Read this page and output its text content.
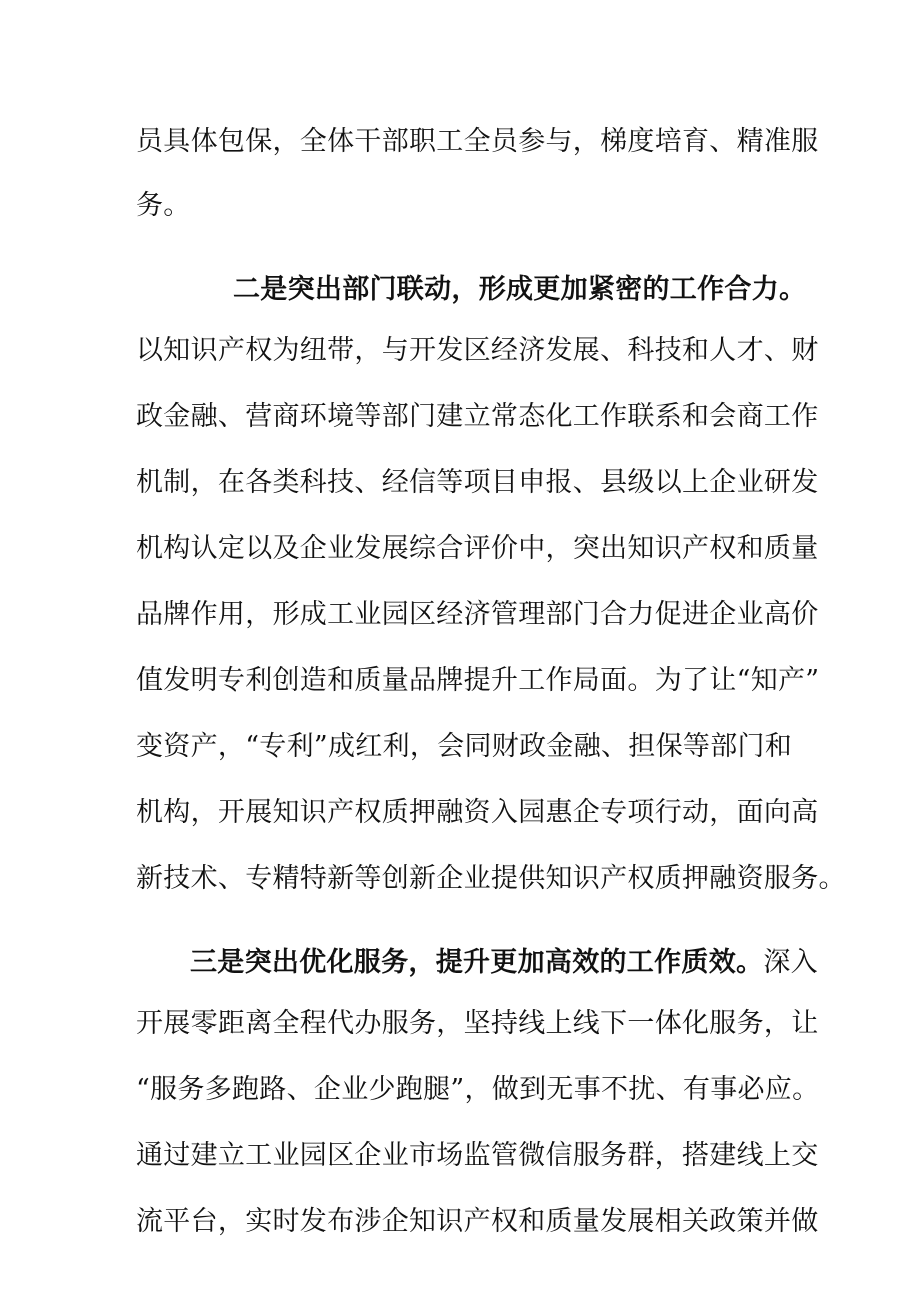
员具体包保，全体干部职工全员参与，梯度培育、精准服
务。
二是突出部门联动，形成更加紧密的工作合力。
以知识产权为纽带，与开发区经济发展、科技和人才、财
政金融、营商环境等部门建立常态化工作联系和会商工作
机制，在各类科技、经信等项目申报、县级以上企业研发
机构认定以及企业发展综合评价中，突出知识产权和质量
品牌作用，形成工业园区经济管理部门合力促进企业高价
值发明专利创造和质量品牌提升工作局面。为了让“知产”
变资产，“专利”成红利，会同财政金融、担保等部门和
机构，开展知识产权质押融资入园惠企专项行动，面向高
新技术、专精特新等创新企业提供知识产权质押融资服务。
三是突出优化服务，提升更加高效的工作质效。深入
开展零距离全程代办服务，坚持线上线下一体化服务，让
“服务多跑路、企业少跑腿”，做到无事不扰、有事必应。
通过建立工业园区企业市场监管微信服务群，搭建线上交
流平台，实时发布涉企知识产权和质量发展相关政策并做
